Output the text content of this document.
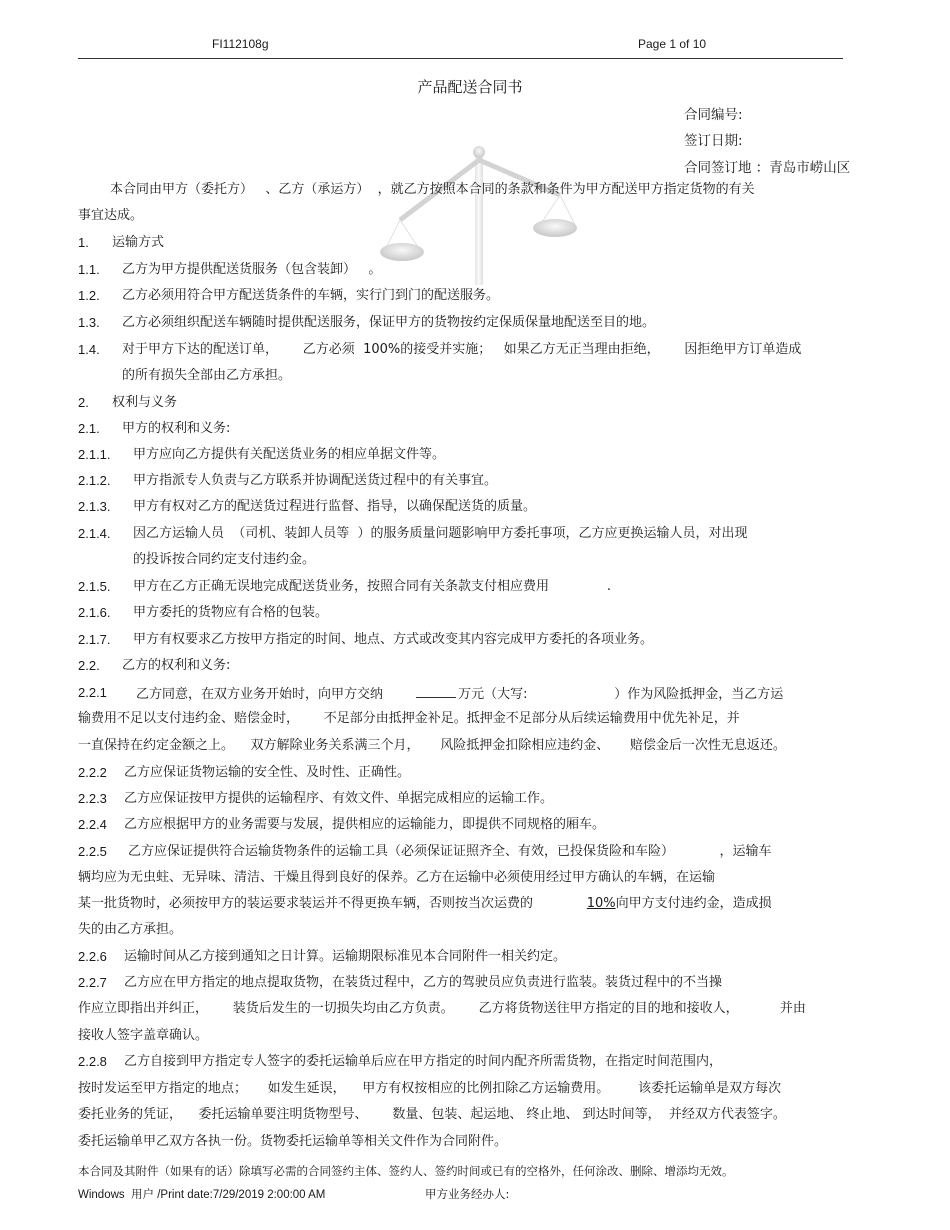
FI112108g	Page 1 of 10
产品配送合同书
合同编号:
签订日期:
合同签订地 ：青岛市崂山区
本合同由甲方（委托方）   、乙方（承运方）  ，就乙方按照本合同的条款和条件为甲方配送甲方指定货物的有关
事宜达成。
1. 运输方式
1.1. 乙方为甲方提供配送货服务（包含装卸）   。
1.2. 乙方必须用符合甲方配送货条件的车辆，实行门到门的配送服务。
1.3. 乙方必须组织配送车辆随时提供配送服务，保证甲方的货物按约定保质保量地配送至目的地。
1.4. 对于甲方下达的配送订单，      乙方必须  100%的接受并实施；   如果乙方无正当理由拒绝，      因拒绝甲方订单造成
的所有损失全部由乙方承担。
2. 权利与义务
2.1. 甲方的权利和义务:
2.1.1. 甲方应向乙方提供有关配送货业务的相应单据文件等。
2.1.2. 甲方指派专人负责与乙方联系并协调配送货过程中的有关事宜。
2.1.3. 甲方有权对乙方的配送货过程进行监督、指导，以确保配送货的质量。
2.1.4. 因乙方运输人员  （司机、装卸人员等  ）的服务质量问题影响甲方委托事项，乙方应更换运输人员，对出现
的投诉按合同约定支付违约金。
2.1.5. 甲方在乙方正确无误地完成配送货业务，按照合同有关条款支付相应费用              .
2.1.6. 甲方委托的货物应有合格的包装。
2.1.7. 甲方有权要求乙方按甲方指定的时间、地点、方式或改变其内容完成甲方委托的各项业务。
2.2. 乙方的权利和义务:
2.2.1 乙方同意，在双方业务开始时，向甲方交纳	万元（大写:                     ）作为风险抵押金，当乙方运
输费用不足以支付违约金、赔偿金时，      不足部分由抵押金补足。抵押金不足部分从后续运输费用中优先补足，并
一直保持在约定金额之上。    双方解除业务关系满三个月，     风险抵押金扣除相应违约金、     赔偿金后一次性无息返还。
2.2.2 乙方应保证货物运输的安全性、及时性、正确性。
2.2.3 乙方应保证按甲方提供的运输程序、有效文件、单据完成相应的运输工作。
2.2.4 乙方应根据甲方的业务需要与发展，提供相应的运输能力，即提供不同规格的厢车。
2.2.5 乙方应保证提供符合运输货物条件的运输工具（必须保证证照齐全、有效，已投保货险和车险）           ，运输车
辆均应为无虫蛀、无异味、清洁、干燥且得到良好的保养。乙方在运输中必须使用经过甲方确认的车辆，在运输
某一批货物时，必须按甲方的装运要求装运并不得更换车辆，否则按当次运费的             10%向甲方支付违约金，造成损
失的由乙方承担。
2.2.6 运输时间从乙方接到通知之日计算。运输期限标准见本合同附件一相关约定。
2.2.7 乙方应在甲方指定的地点提取货物，在装货过程中，乙方的驾驶员应负责进行监装。装货过程中的不当操
作应立即指出并纠正，      装货后发生的一切损失均由乙方负责。      乙方将货物送往甲方指定的目的地和接收人，          并由
接收人签字盖章确认。
2.2.8 乙方自接到甲方指定专人签字的委托运输单后应在甲方指定的时间内配齐所需货物，在指定时间范围内，
按时发运至甲方指定的地点；     如发生延误，    甲方有权按相应的比例扣除乙方运输费用。       该委托运输单是双方每次
委托业务的凭证，    委托运输单要注明货物型号、      数量、包装、起运地、 终止地、 到达时间等，  并经双方代表签字。
委托运输单甲乙双方各执一份。货物委托运输单等相关文件作为合同附件。
本合同及其附件（如果有的话）除填写必需的合同签约主体、签约人、签约时间或已有的空格外，任何涂改、删除、增添均无效。
Windows  用户 /Print date:7/29/2019 2:00:00 AM	甲方业务经办人:
